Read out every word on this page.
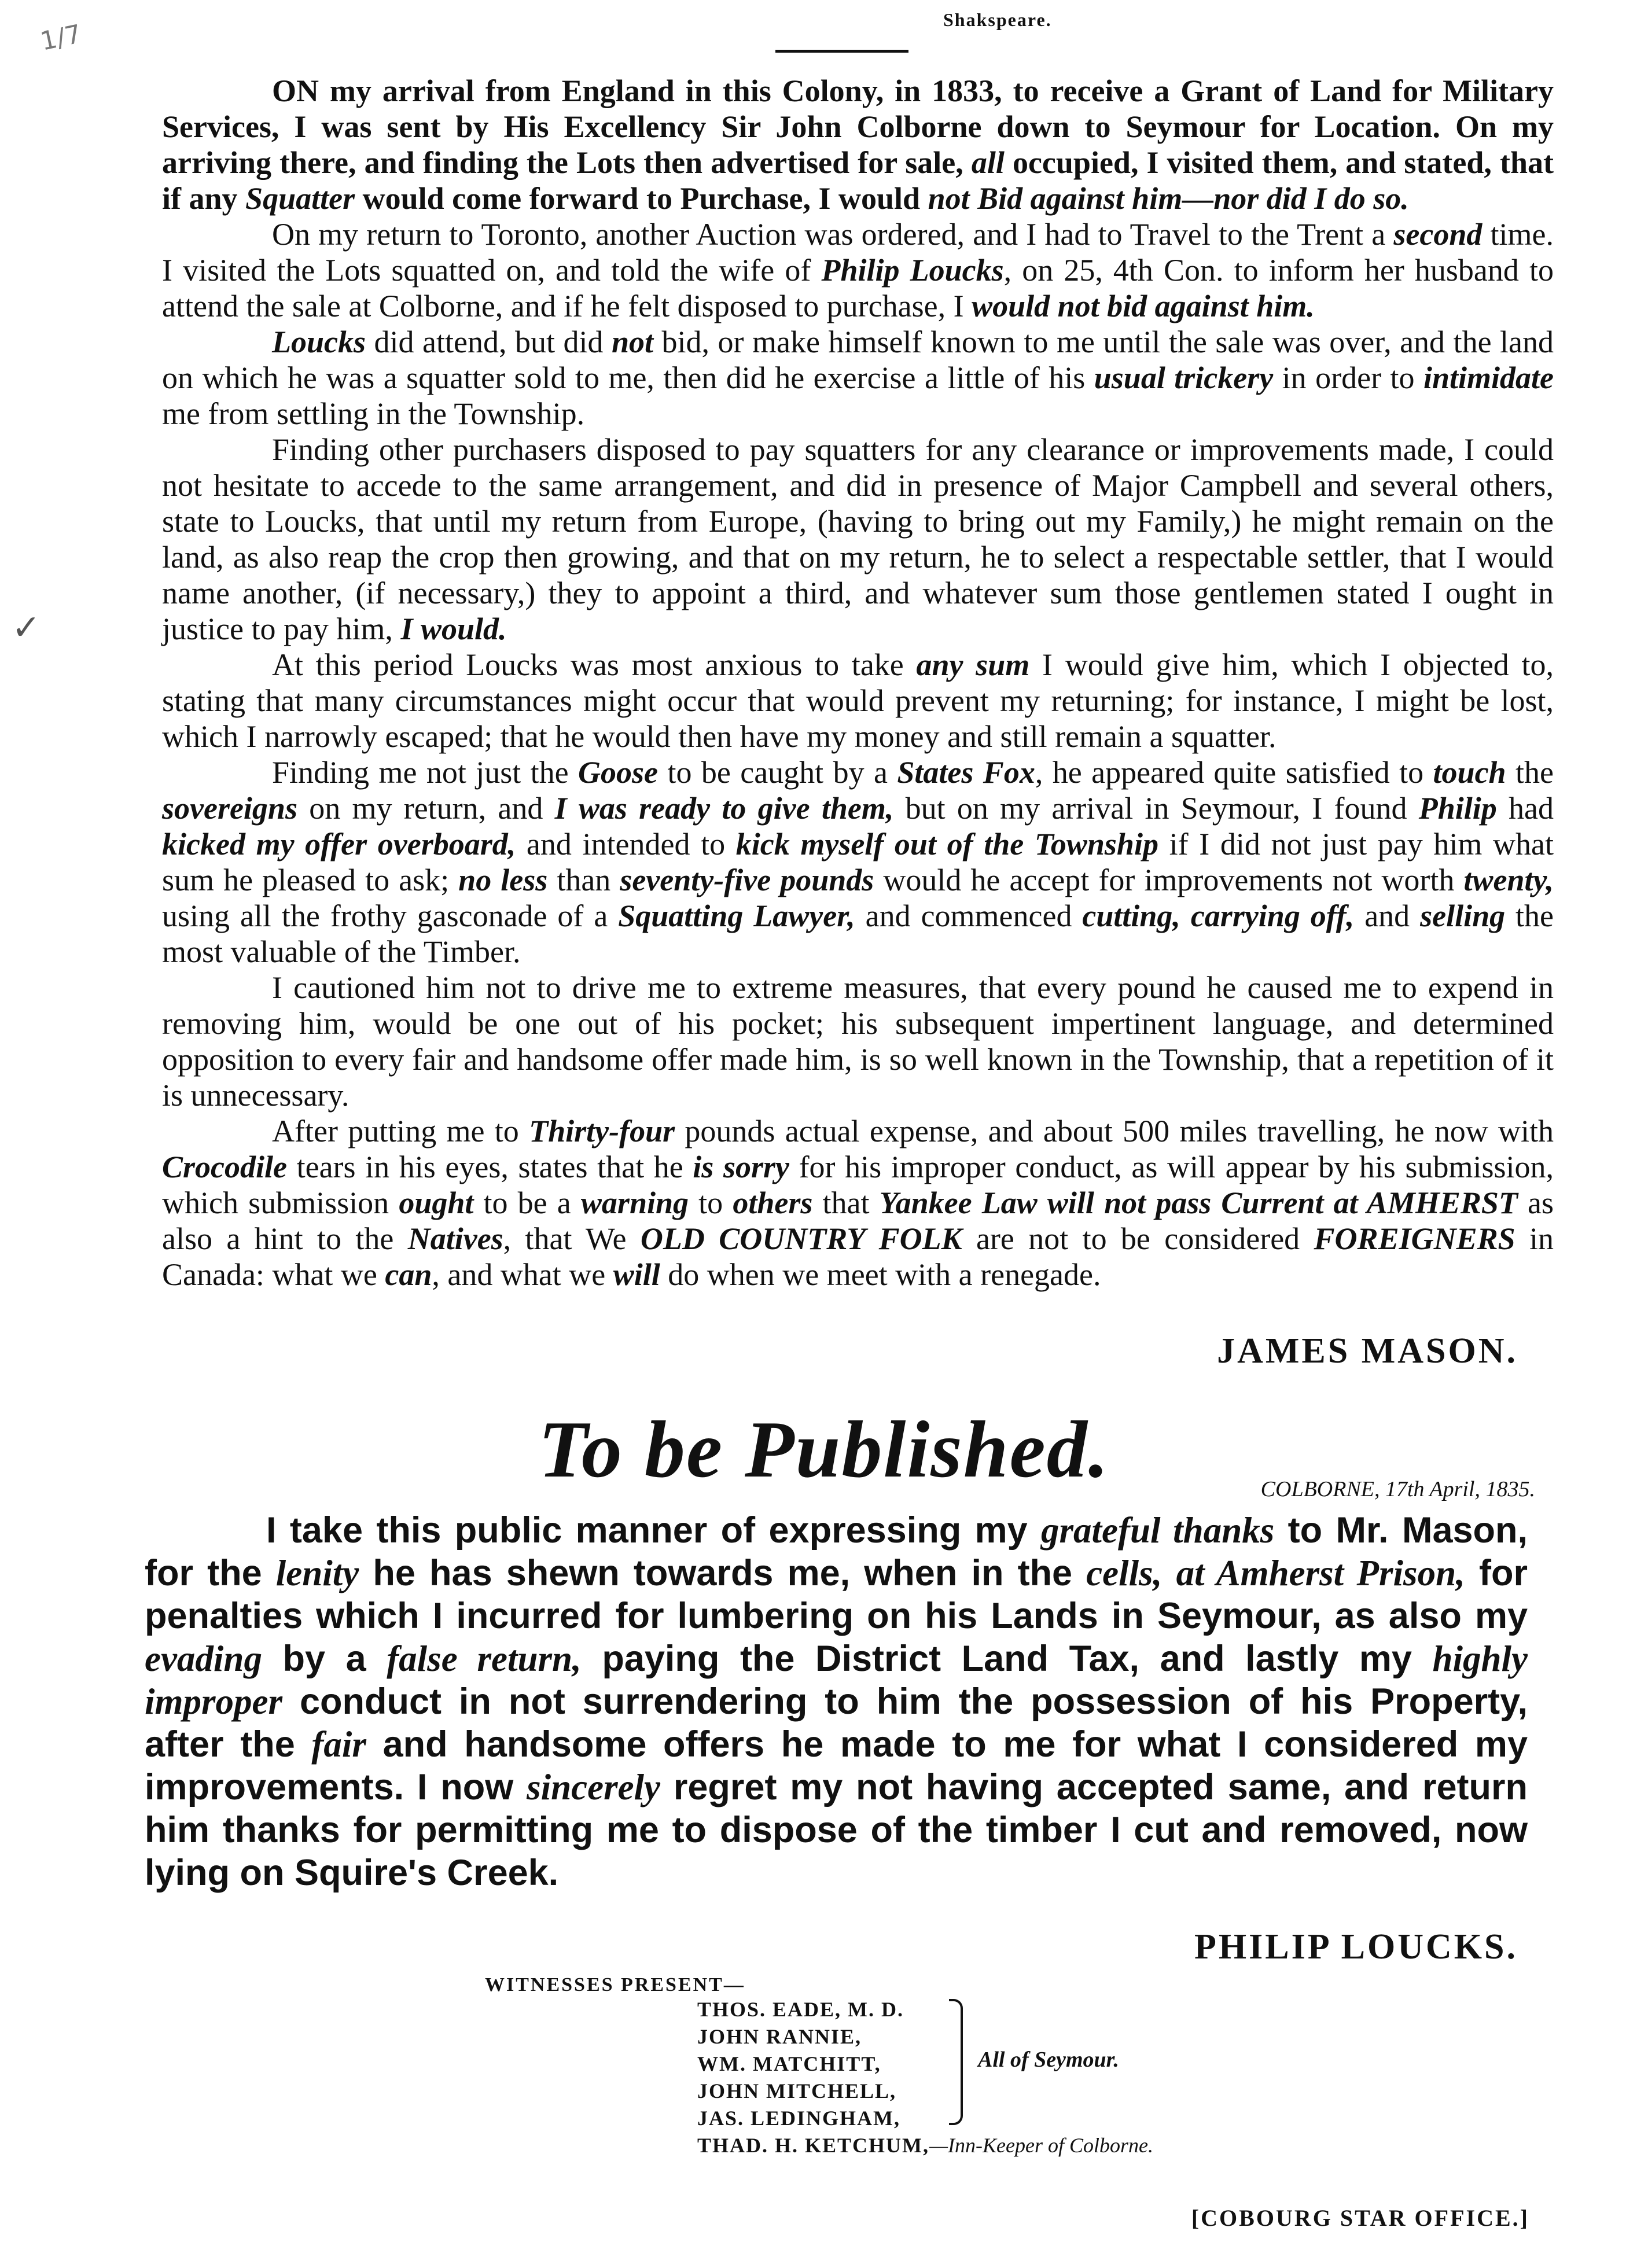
1/7
✓
Shakspeare.

ON my arrival from England in this Colony, in 1833, to receive a Grant of Land for Military Services, I was sent by His Excellency Sir John Colborne down to Seymour for Location. On my arriving there, and finding the Lots then advertised for sale, all occupied, I visited them, and stated, that if any Squatter would come forward to Purchase, I would not Bid against him—nor did I do so.

On my return to Toronto, another Auction was ordered, and I had to Travel to the Trent a second time. I visited the Lots squatted on, and told the wife of Philip Loucks, on 25, 4th Con. to inform her husband to attend the sale at Colborne, and if he felt disposed to purchase, I would not bid against him.

Loucks did attend, but did not bid, or make himself known to me until the sale was over, and the land on which he was a squatter sold to me, then did he exercise a little of his usual trickery in order to intimidate me from settling in the Township.

Finding other purchasers disposed to pay squatters for any clearance or improvements made, I could not hesitate to accede to the same arrangement, and did in presence of Major Campbell and several others, state to Loucks, that until my return from Europe, (having to bring out my Family,) he might remain on the land, as also reap the crop then growing, and that on my return, he to select a respectable settler, that I would name another, (if necessary,) they to appoint a third, and whatever sum those gentlemen stated I ought in justice to pay him, I would.

At this period Loucks was most anxious to take any sum I would give him, which I objected to, stating that many circumstances might occur that would prevent my returning; for instance, I might be lost, which I narrowly escaped; that he would then have my money and still remain a squatter.

Finding me not just the Goose to be caught by a States Fox, he appeared quite satisfied to touch the sovereigns on my return, and I was ready to give them, but on my arrival in Seymour, I found Philip had kicked my offer overboard, and intended to kick myself out of the Township if I did not just pay him what sum he pleased to ask; no less than seventy-five pounds would he accept for improvements not worth twenty, using all the frothy gasconade of a Squatting Lawyer, and commenced cutting, carrying off, and selling the most valuable of the Timber.

I cautioned him not to drive me to extreme measures, that every pound he caused me to expend in removing him, would be one out of his pocket; his subsequent impertinent language, and determined opposition to every fair and handsome offer made him, is so well known in the Township, that a repetition of it is unnecessary.

After putting me to Thirty-four pounds actual expense, and about 500 miles travelling, he now with Crocodile tears in his eyes, states that he is sorry for his improper conduct, as will appear by his submission, which submission ought to be a warning to others that Yankee Law will not pass Current at AMHERST as also a hint to the Natives, that We OLD COUNTRY FOLK are not to be considered FOREIGNERS in Canada: what we can, and what we will do when we meet with a renegade.

JAMES MASON.
To be Published.	COLBORNE, 17th April, 1835.

I take this public manner of expressing my grateful thanks to Mr. Mason, for the lenity he has shewn towards me, when in the cells, at Amherst Prison, for penalties which I incurred for lumbering on his Lands in Seymour, as also my evading by a false return, paying the District Land Tax, and lastly my highly improper conduct in not surrendering to him the possession of his Property, after the fair and handsome offers he made to me for what I considered my improvements. I now sincerely regret my not having accepted same, and return him thanks for permitting me to dispose of the timber I cut and removed, now lying on Squire's Creek.

PHILIP LOUCKS.
WITNESSES PRESENT—
THOS. EADE, M. D.
JOHN RANNIE,
WM. MATCHITT,
JOHN MITCHELL,
JAS. LEDINGHAM,
THAD. H. KETCHUM,—Inn-Keeper of Colborne.
All of Seymour.
[COBOURG STAR OFFICE.]
